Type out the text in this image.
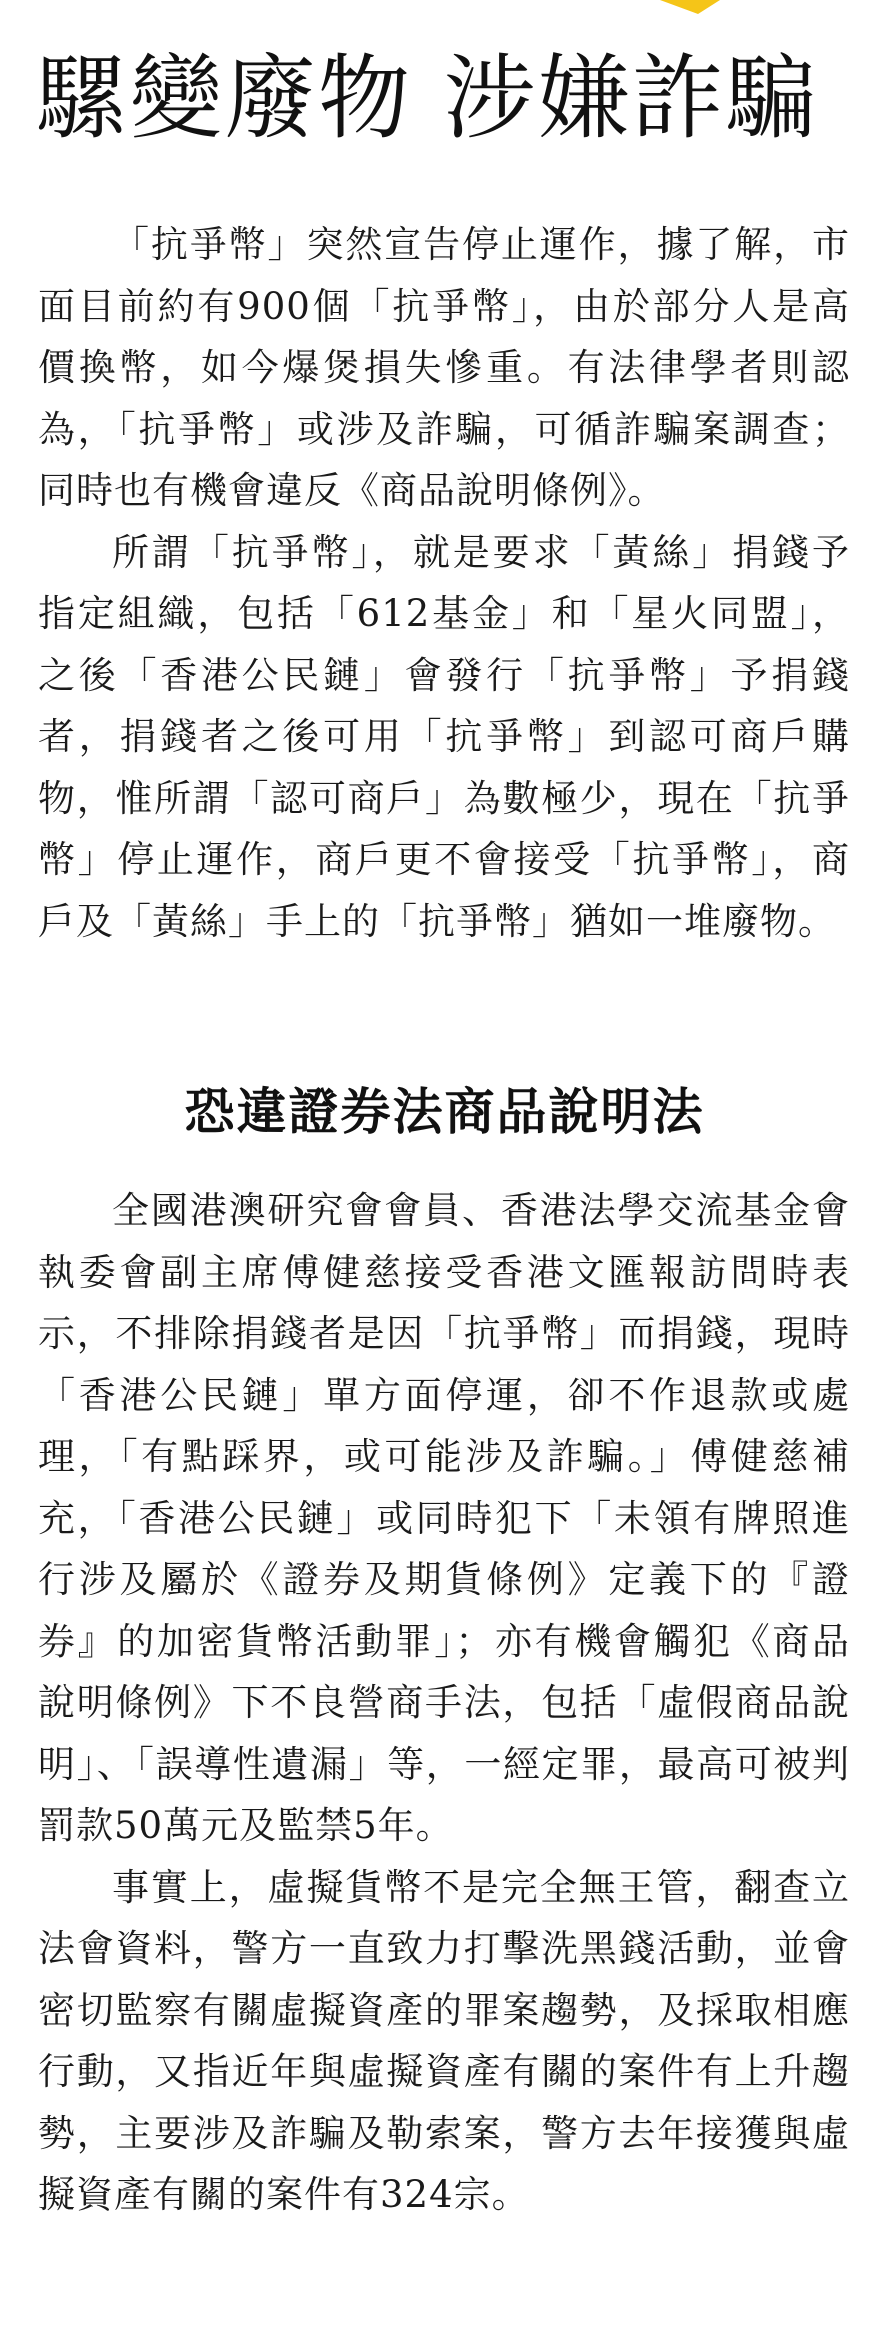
騾變廢物 涉嫌詐騙

「抗爭幣」突然宣告停止運作，據了解，市面目前約有900個「抗爭幣」，由於部分人是高價換幣，如今爆煲損失慘重。有法律學者則認為，「抗爭幣」或涉及詐騙，可循詐騙案調查；同時也有機會違反《商品說明條例》。

所謂「抗爭幣」，就是要求「黃絲」捐錢予指定組織，包括「612基金」和「星火同盟」，之後「香港公民鏈」會發行「抗爭幣」予捐錢者，捐錢者之後可用「抗爭幣」到認可商戶購物，惟所謂「認可商戶」為數極少，現在「抗爭幣」停止運作，商戶更不會接受「抗爭幣」，商戶及「黃絲」手上的「抗爭幣」猶如一堆廢物。

恐違證券法商品說明法

全國港澳研究會會員、香港法學交流基金會執委會副主席傅健慈接受香港文匯報訪問時表示，不排除捐錢者是因「抗爭幣」而捐錢，現時「香港公民鏈」單方面停運，卻不作退款或處理，「有點踩界，或可能涉及詐騙。」傅健慈補充，「香港公民鏈」或同時犯下「未領有牌照進行涉及屬於《證券及期貨條例》定義下的『證券』的加密貨幣活動罪」；亦有機會觸犯《商品說明條例》下不良營商手法，包括「虛假商品說明」、「誤導性遺漏」等，一經定罪，最高可被判罰款50萬元及監禁5年。

事實上，虛擬貨幣不是完全無王管，翻查立法會資料，警方一直致力打擊洗黑錢活動，並會密切監察有關虛擬資產的罪案趨勢，及採取相應行動，又指近年與虛擬資產有關的案件有上升趨勢，主要涉及詐騙及勒索案，警方去年接獲與虛擬資產有關的案件有324宗。
